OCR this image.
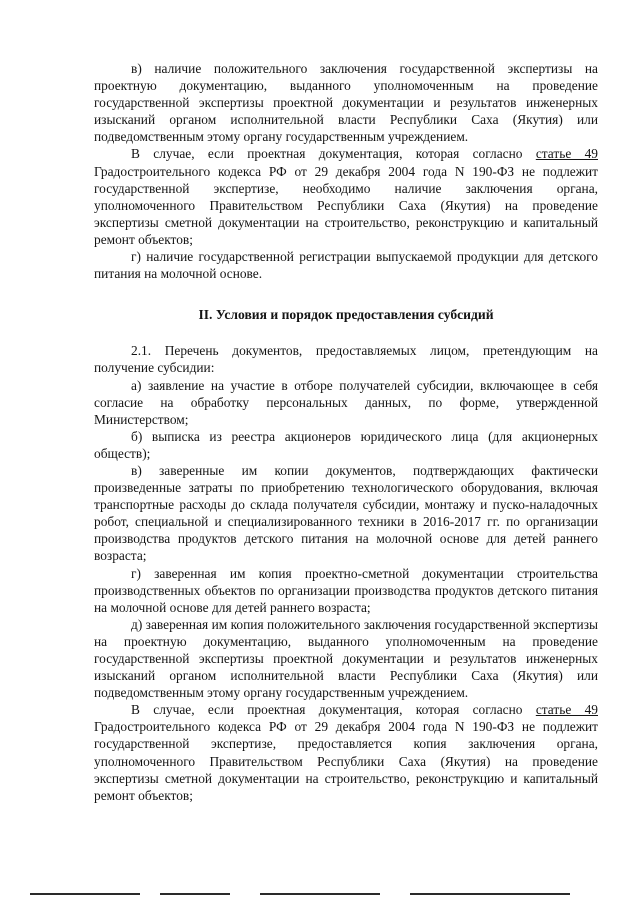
в) наличие положительного заключения государственной экспертизы на проектную документацию, выданного уполномоченным на проведение государственной экспертизы проектной документации и результатов инженерных изысканий органом исполнительной власти Республики Саха (Якутия) или подведомственным этому органу государственным учреждением.

В случае, если проектная документация, которая согласно статье 49 Градостроительного кодекса РФ от 29 декабря 2004 года N 190-ФЗ не подлежит государственной экспертизе, необходимо наличие заключения органа, уполномоченного Правительством Республики Саха (Якутия) на проведение экспертизы сметной документации на строительство, реконструкцию и капитальный ремонт объектов;

г) наличие государственной регистрации выпускаемой продукции для детского питания на молочной основе.

II. Условия и порядок предоставления субсидий

2.1. Перечень документов, предоставляемых лицом, претендующим на получение субсидии:

а) заявление на участие в отборе получателей субсидии, включающее в себя согласие на обработку персональных данных, по форме, утвержденной Министерством;

б) выписка из реестра акционеров юридического лица (для акционерных обществ);

в) заверенные им копии документов, подтверждающих фактически произведенные затраты по приобретению технологического оборудования, включая транспортные расходы до склада получателя субсидии, монтажу и пуско-наладочных робот, специальной и специализированного техники в 2016-2017 гг. по организации производства продуктов детского питания на молочной основе для детей раннего возраста;

г) заверенная им копия проектно-сметной документации строительства производственных объектов по организации производства продуктов детского питания на молочной основе для детей раннего возраста;

д) заверенная им копия положительного заключения государственной экспертизы на проектную документацию, выданного уполномоченным на проведение государственной экспертизы проектной документации и результатов инженерных изысканий органом исполнительной власти Республики Саха (Якутия) или подведомственным этому органу государственным учреждением.

В случае, если проектная документация, которая согласно статье 49 Градостроительного кодекса РФ от 29 декабря 2004 года N 190-ФЗ не подлежит государственной экспертизе, предоставляется копия заключения органа, уполномоченного Правительством Республики Саха (Якутия) на проведение экспертизы сметной документации на строительство, реконструкцию и капитальный ремонт объектов;
